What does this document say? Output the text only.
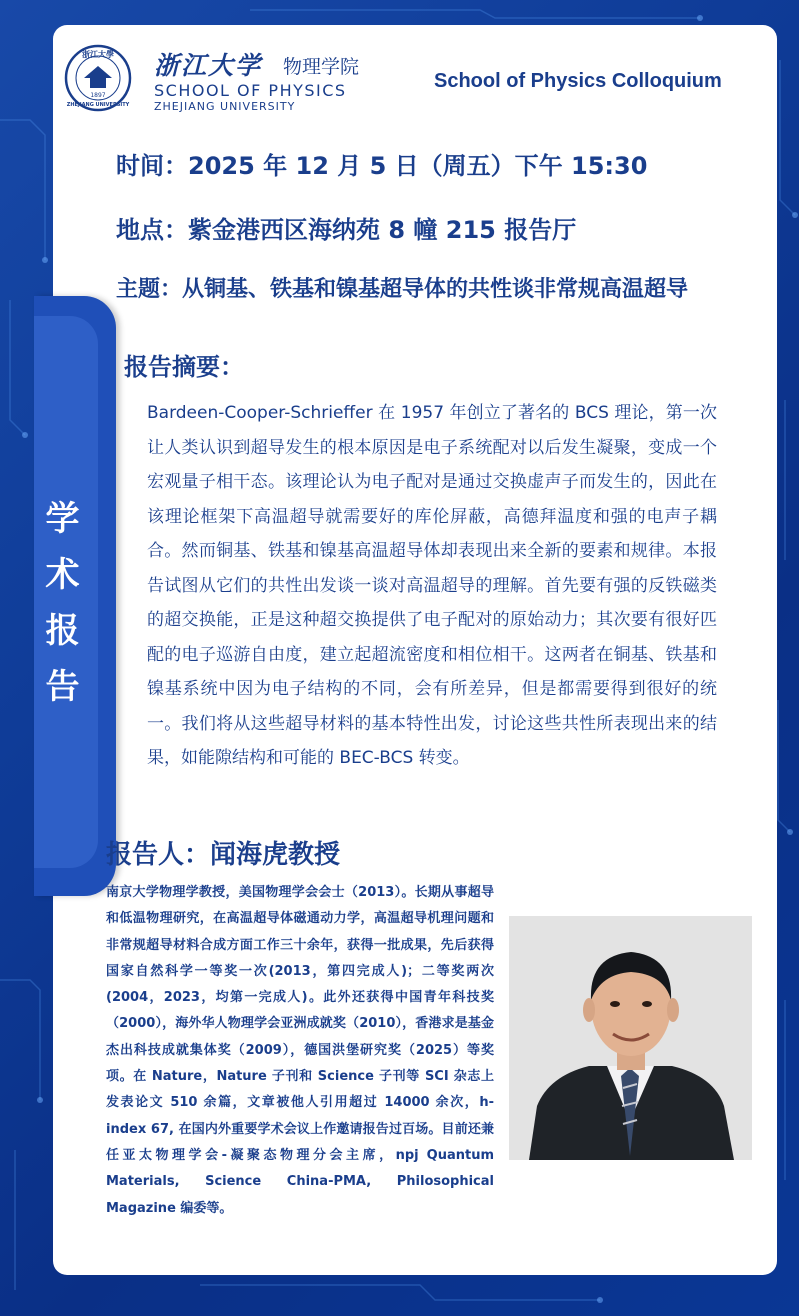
浙江大學
1897
ZHEJIANG UNIVERSITY
浙江大学 物理学院
SCHOOL OF PHYSICS
ZHEJIANG UNIVERSITY
School of Physics Colloquium
时间：2025 年 12 月 5 日（周五）下午 15:30
地点：紫金港西区海纳苑 8 幢 215 报告厅
主题：从铜基、铁基和镍基超导体的共性谈非常规高温超导
学术报告
报告摘要：
Bardeen-Cooper-Schrieffer 在 1957 年创立了著名的 BCS 理论，第一次让人类认识到超导发生的根本原因是电子系统配对以后发生凝聚，变成一个宏观量子相干态。该理论认为电子配对是通过交换虚声子而发生的，因此在该理论框架下高温超导就需要好的库伦屏蔽，高德拜温度和强的电声子耦合。然而铜基、铁基和镍基高温超导体却表现出来全新的要素和规律。本报告试图从它们的共性出发谈一谈对高温超导的理解。首先要有强的反铁磁类的超交换能，正是这种超交换提供了电子配对的原始动力；其次要有很好匹配的电子巡游自由度，建立起超流密度和相位相干。这两者在铜基、铁基和镍基系统中因为电子结构的不同，会有所差异，但是都需要得到很好的统一。我们将从这些超导材料的基本特性出发，讨论这些共性所表现出来的结果，如能隙结构和可能的 BEC-BCS 转变。
报告人：闻海虎教授
南京大学物理学教授，美国物理学会会士（2013）。长期从事超导和低温物理研究，在高温超导体磁通动力学，高温超导机理问题和非常规超导材料合成方面工作三十余年，获得一批成果，先后获得国家自然科学一等奖一次(2013，第四完成人)；二等奖两次(2004，2023，均第一完成人)。此外还获得中国青年科技奖（2000），海外华人物理学会亚洲成就奖（2010），香港求是基金杰出科技成就集体奖（2009），德国洪堡研究奖（2025）等奖项。在 Nature，Nature 子刊和 Science 子刊等 SCI 杂志上发表论文 510 余篇，文章被他人引用超过 14000 余次，h-index 67, 在国内外重要学术会议上作邀请报告过百场。目前还兼任亚太物理学会-凝聚态物理分会主席，npj Quantum Materials, Science China-PMA, Philosophical Magazine 编委等。
